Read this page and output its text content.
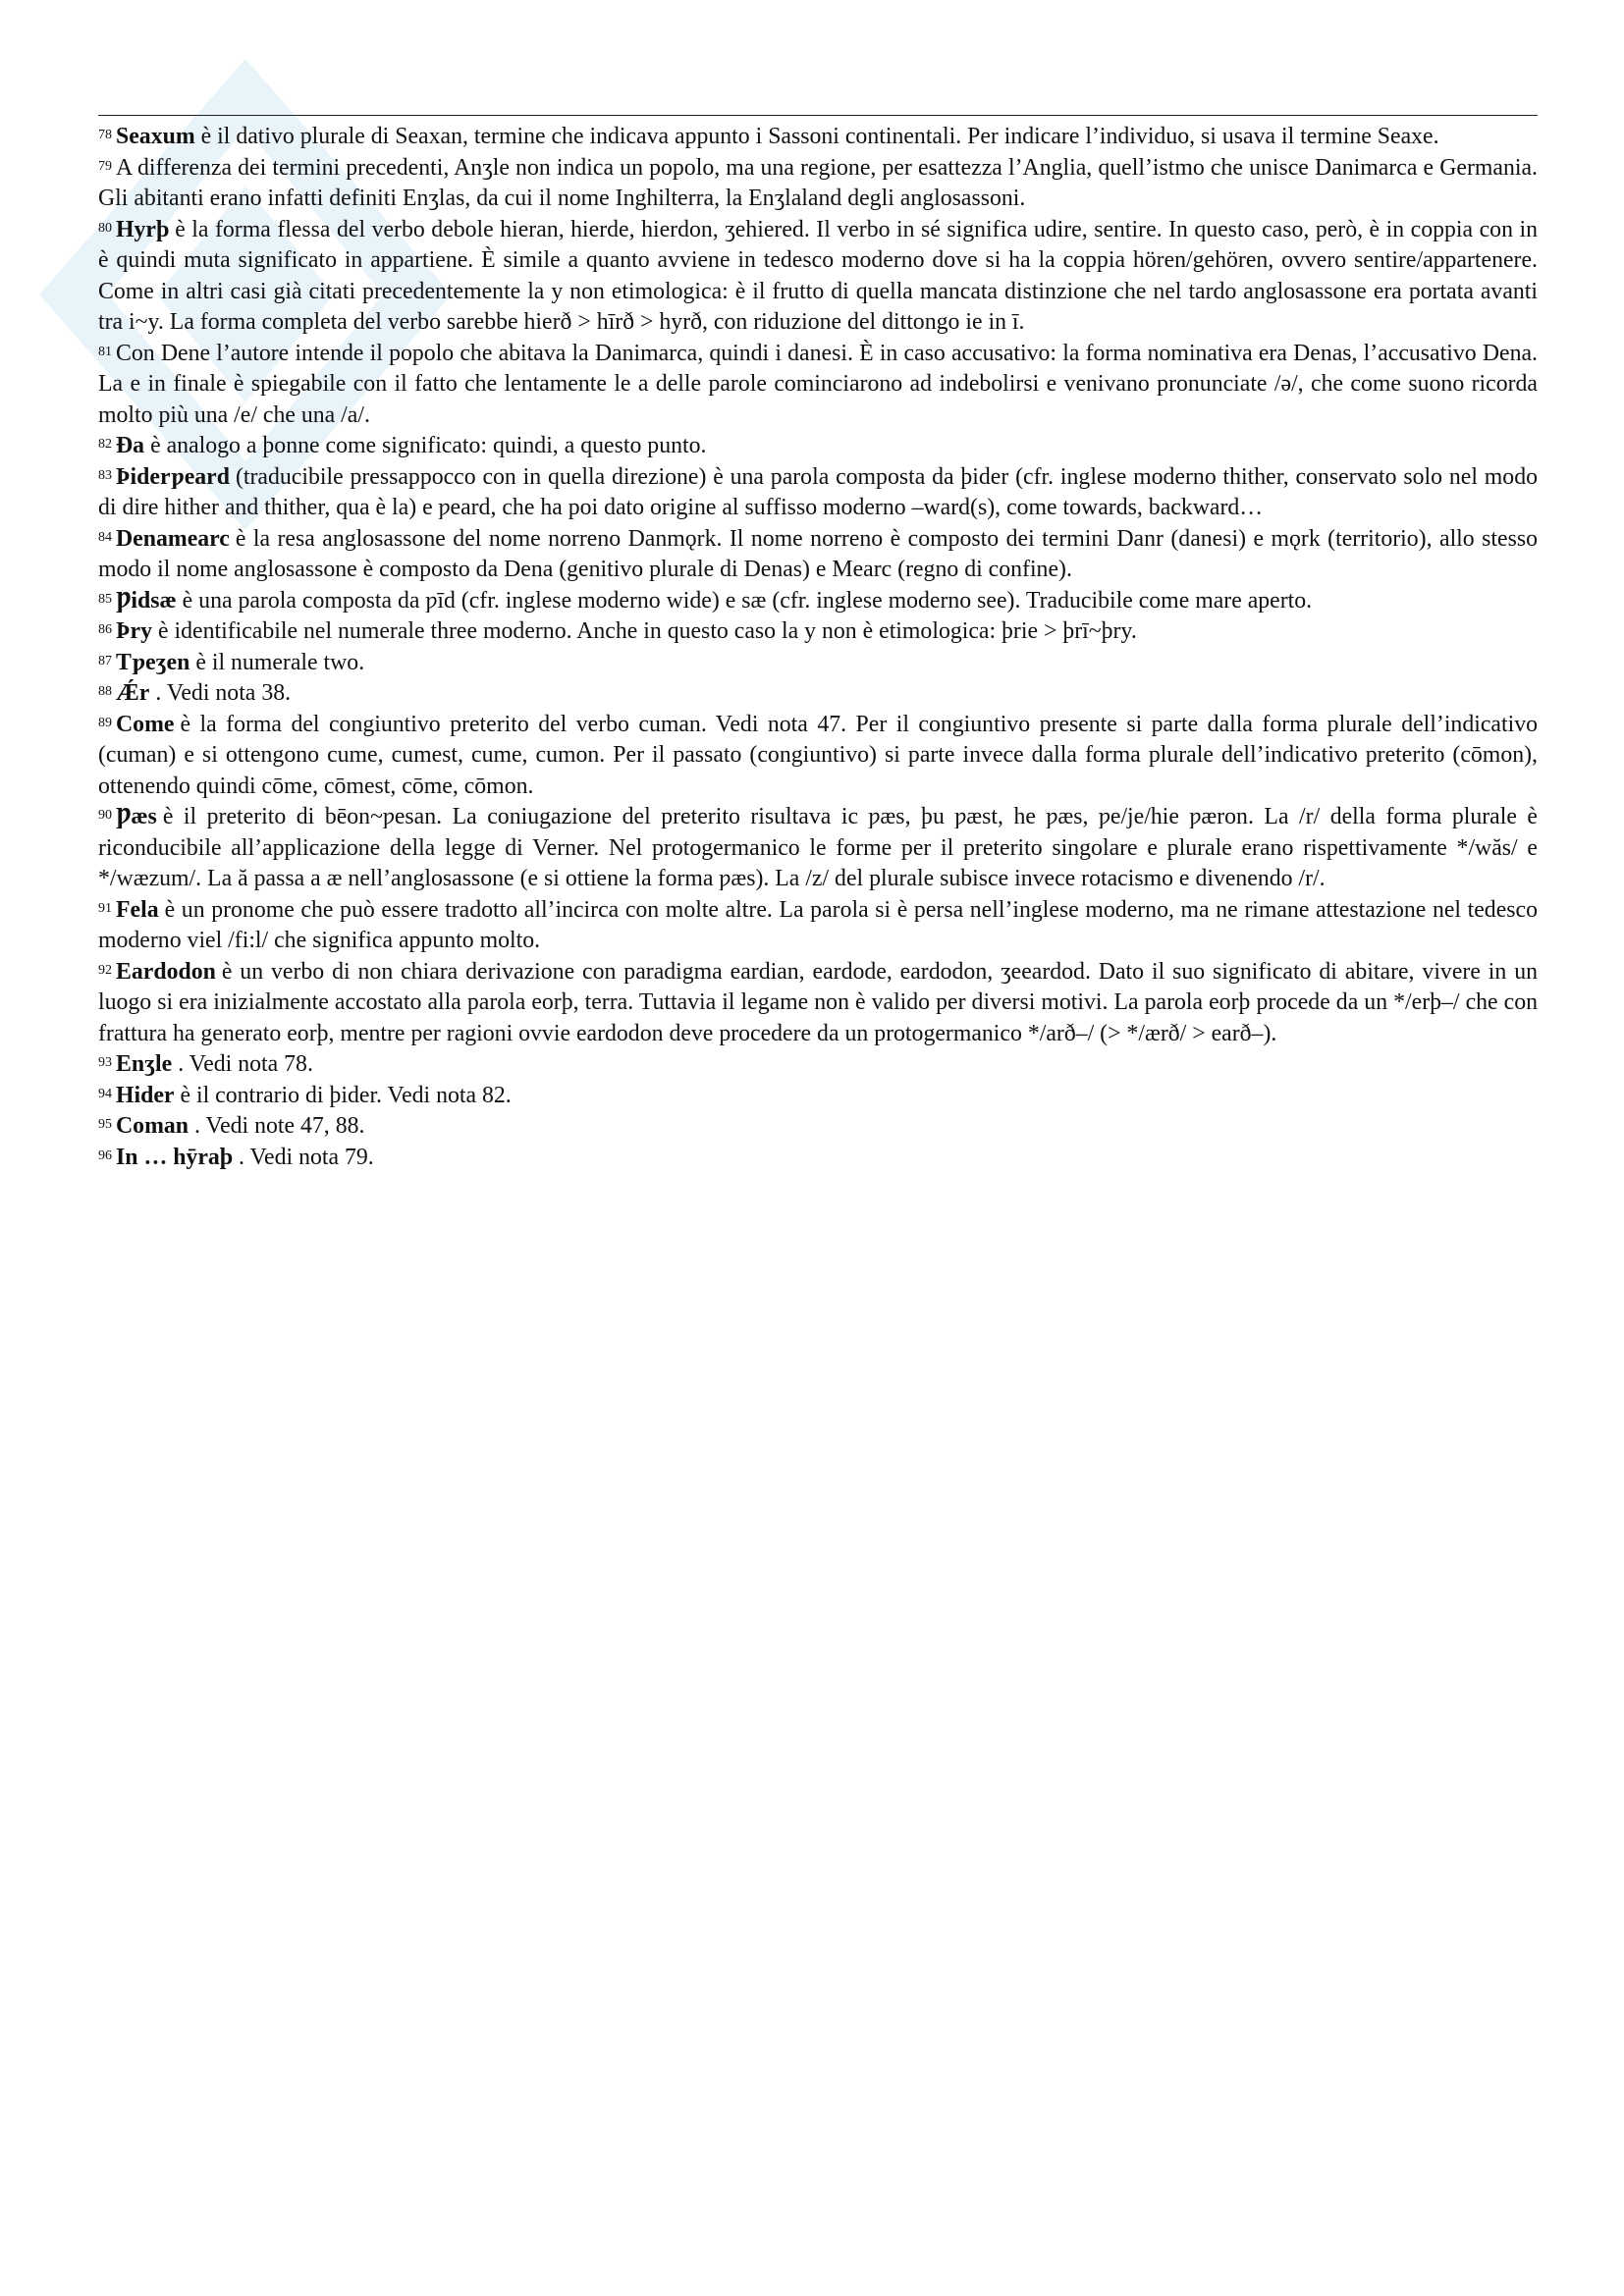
$^{78}$ Seaxum è il dativo plurale di Seaxan, termine che indicava appunto i Sassoni continentali. Per indicare l’individuo, si usava il termine Seaxe.

$^{79}$ A differenza dei termini precedenti, Anʒle non indica un popolo, ma una regione, per esattezza l’Anglia, quell’istmo che unisce Danimarca e Germania. Gli abitanti erano infatti definiti Enʒlas, da cui il nome Inghilterra, la Enʒlaland degli anglosassoni.

$^{80}$ Hyrþ è la forma flessa del verbo debole hieran, hierde, hierdon, ʒehiered. Il verbo in sé significa udire, sentire. In questo caso, però, è in coppia con in è quindi muta significato in appartiene. È simile a quanto avviene in tedesco moderno dove si ha la coppia hören/gehören, ovvero sentire/appartenere. Come in altri casi già citati precedentemente la y non etimologica: è il frutto di quella mancata distinzione che nel tardo anglosassone era portata avanti tra i~y. La forma completa del verbo sarebbe hierð > hīrð > hyrð, con riduzione del dittongo ie in ī.

$^{81}$ Con Dene l’autore intende il popolo che abitava la Danimarca, quindi i danesi. È in caso accusativo: la forma nominativa era Denas, l’accusativo Dena. La e in finale è spiegabile con il fatto che lentamente le a delle parole cominciarono ad indebolirsi e venivano pronunciate /ə/, che come suono ricorda molto più una /e/ che una /a/.

$^{82}$ Đa è analogo a þonne come significato: quindi, a questo punto.

$^{83}$ Þiderƿeard (traducibile pressappocco con in quella direzione) è una parola composta da þider (cfr. inglese moderno thither, conservato solo nel modo di dire hither and thither, qua è la) e ƿeard, che ha poi dato origine al suffisso moderno –ward(s), come towards, backward…

$^{84}$ Denamearc è la resa anglosassone del nome norreno Danmǫrk. Il nome norreno è composto dei termini Danr (danesi) e mǫrk (territorio), allo stesso modo il nome anglosassone è composto da Dena (genitivo plurale di Denas) e Mearc (regno di confine).

$^{85}$ Ƿidsæ è una parola composta da ƿīd (cfr. inglese moderno wide) e sæ (cfr. inglese moderno see). Traducibile come mare aperto.

$^{86}$ Þry è identificabile nel numerale three moderno. Anche in questo caso la y non è etimologica: þrie > þrī~þry.

$^{87}$ Tƿeʒen è il numerale two.

$^{88}$ Ǽr . Vedi nota 38.

$^{89}$ Come è la forma del congiuntivo preterito del verbo cuman. Vedi nota 47. Per il congiuntivo presente si parte dalla forma plurale dell’indicativo (cuman) e si ottengono cume, cumest, cume, cumon. Per il passato (congiuntivo) si parte invece dalla forma plurale dell’indicativo preterito (cōmon), ottenendo quindi cōme, cōmest, cōme, cōmon.

$^{90}$ Ƿæs è il preterito di bēon~ƿesan. La coniugazione del preterito risultava ic ƿæs, þu ƿæst, he ƿæs, ƿe/je/hie ƿæron. La /r/ della forma plurale è riconducibile all’applicazione della legge di Verner. Nel protogermanico le forme per il preterito singolare e plurale erano rispettivamente */wăs/ e */wæzum/. La ă passa a æ nell’anglosassone (e si ottiene la forma ƿæs). La /z/ del plurale subisce invece rotacismo e divenendo /r/.

$^{91}$ Fela è un pronome che può essere tradotto all’incirca con molte altre. La parola si è persa nell’inglese moderno, ma ne rimane attestazione nel tedesco moderno viel /fi:l/ che significa appunto molto.

$^{92}$ Eardodon è un verbo di non chiara derivazione con paradigma eardian, eardode, eardodon, ʒeeardod. Dato il suo significato di abitare, vivere in un luogo si era inizialmente accostato alla parola eorþ, terra. Tuttavia il legame non è valido per diversi motivi. La parola eorþ procede da un */erþ–/ che con frattura ha generato eorþ, mentre per ragioni ovvie eardodon deve procedere da un protogermanico */arð–/ (> */ærð/ > earð–).

$^{93}$ Enʒle . Vedi nota 78.

$^{94}$ Hider è il contrario di þider. Vedi nota 82.

$^{95}$ Coman . Vedi note 47, 88.

$^{96}$ In … hȳraþ . Vedi nota 79.
